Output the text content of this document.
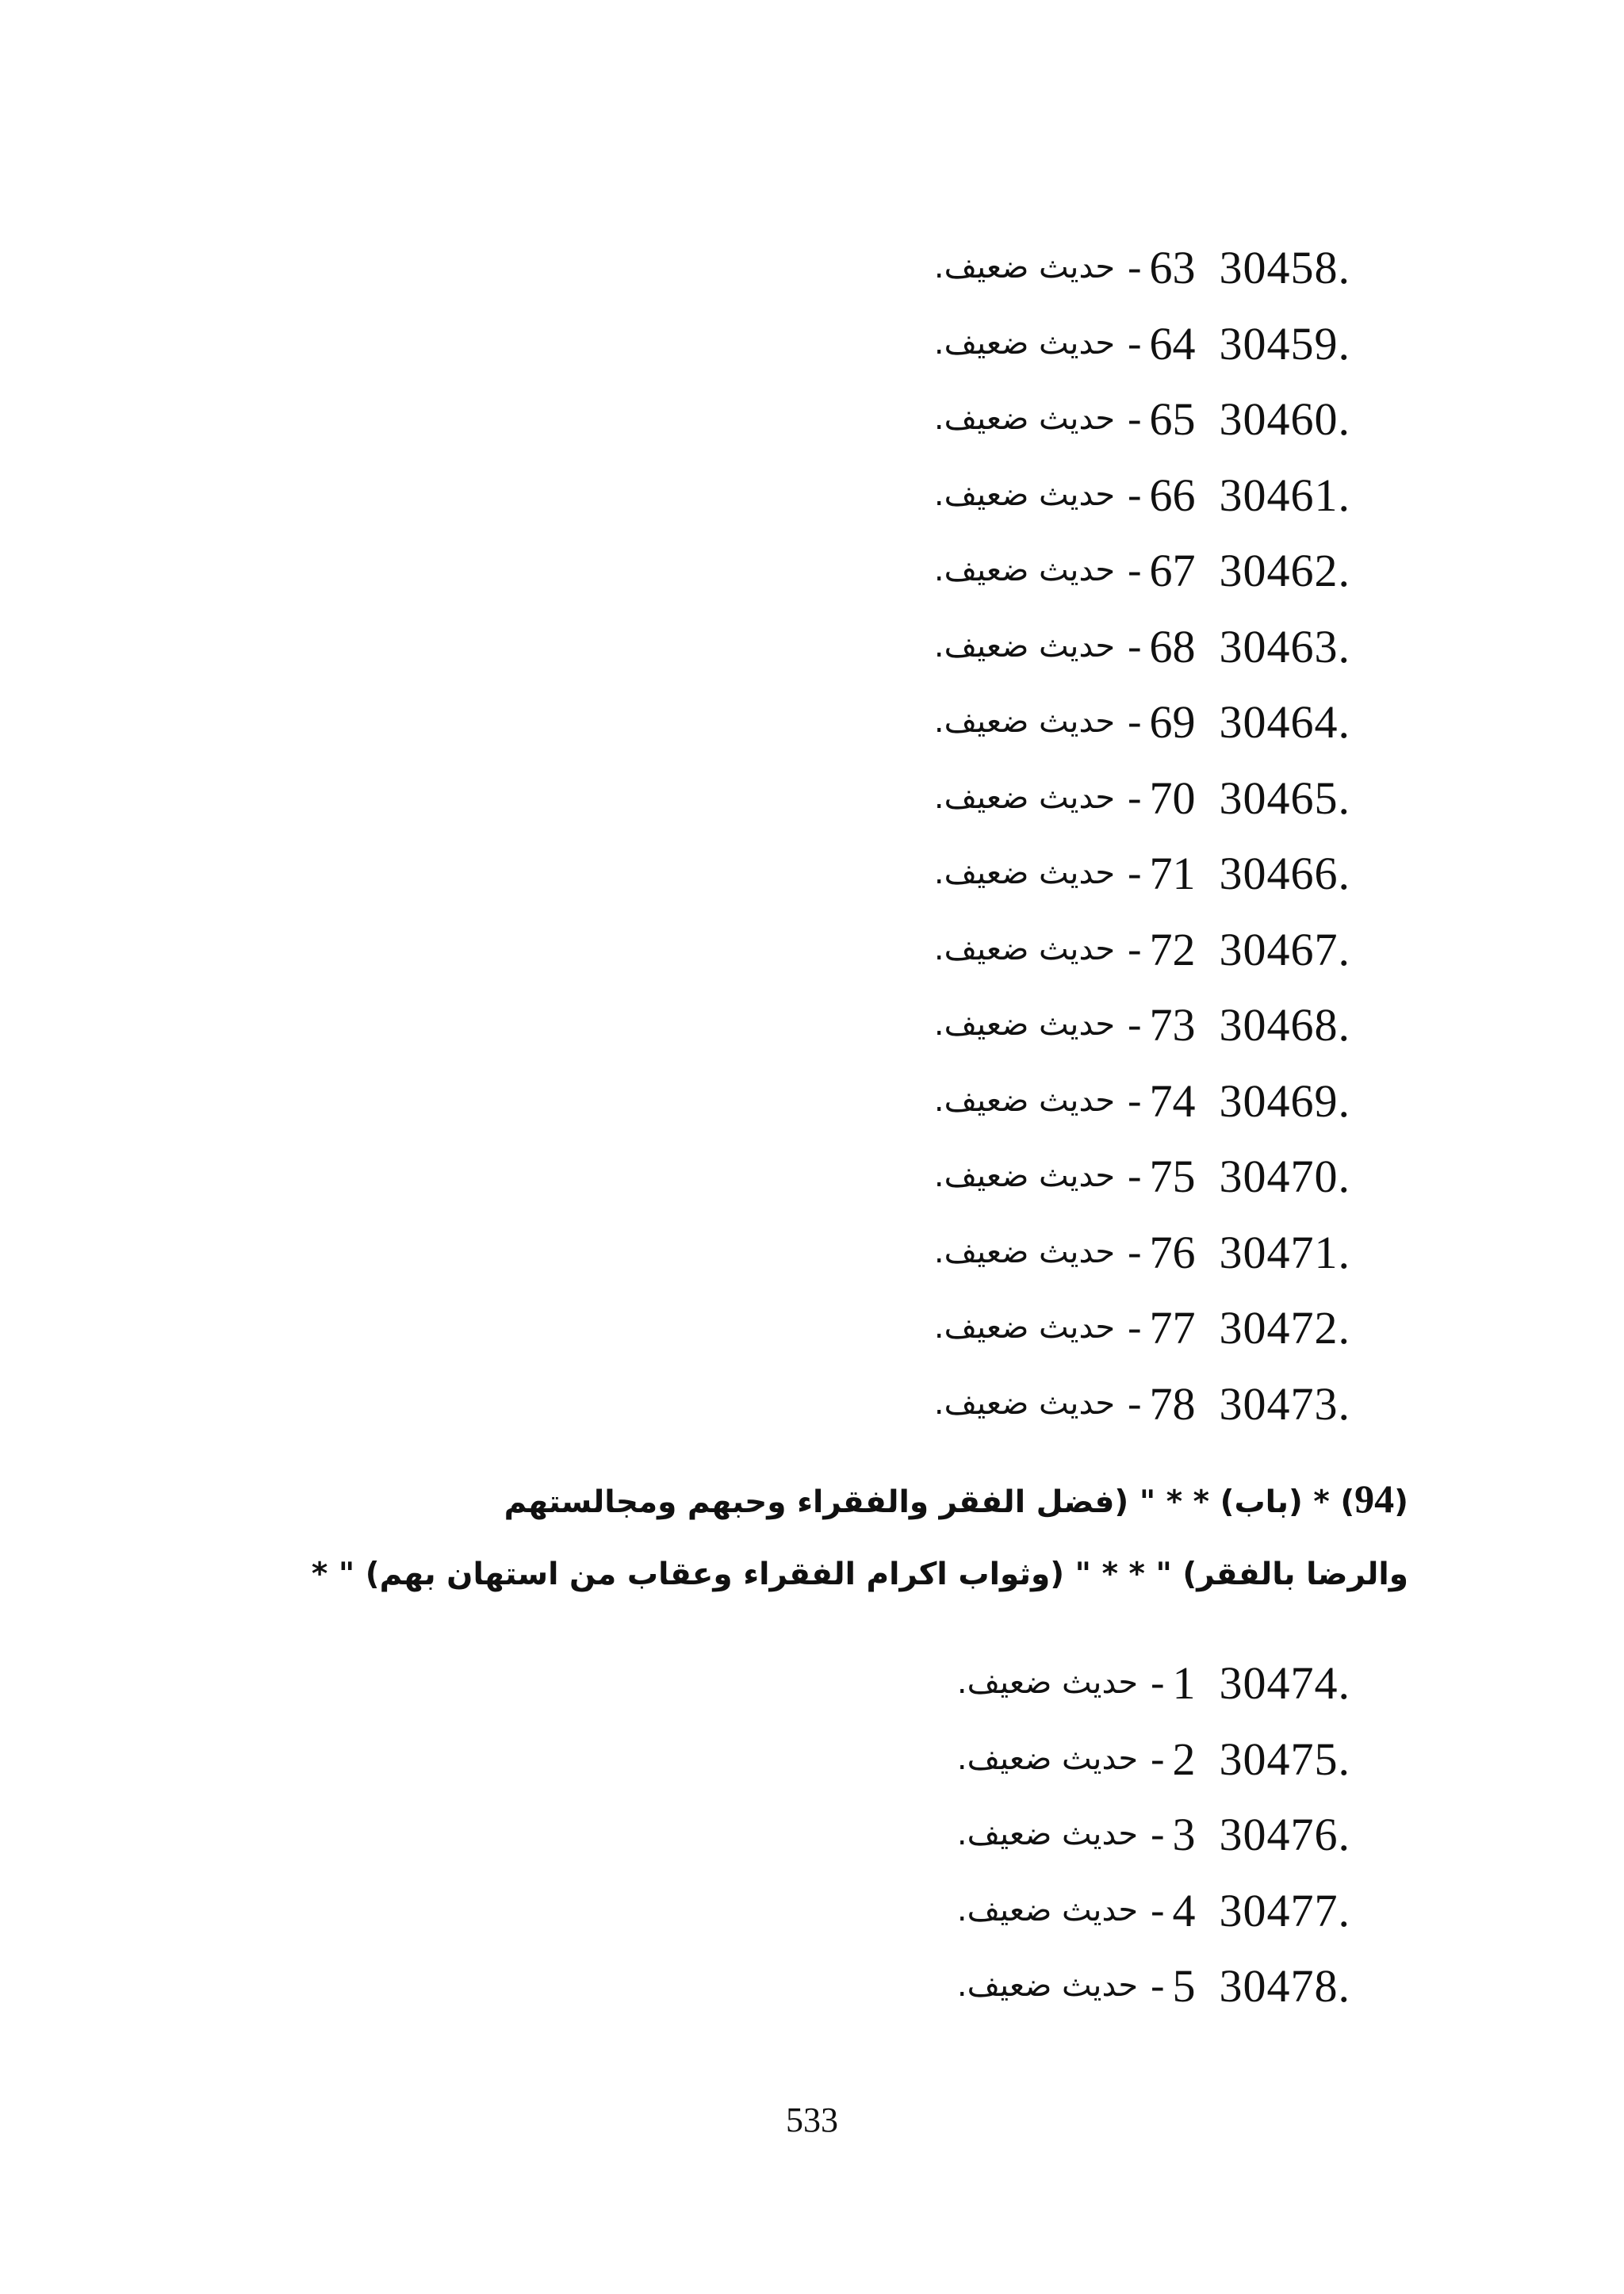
30458.
63
-
حديث ضعيف.
30459.
64
-
حديث ضعيف.
30460.
65
-
حديث ضعيف.
30461.
66
-
حديث ضعيف.
30462.
67
-
حديث ضعيف.
30463.
68
-
حديث ضعيف.
30464.
69
-
حديث ضعيف.
30465.
70
-
حديث ضعيف.
30466.
71
-
حديث ضعيف.
30467.
72
-
حديث ضعيف.
30468.
73
-
حديث ضعيف.
30469.
74
-
حديث ضعيف.
30470.
75
-
حديث ضعيف.
30471.
76
-
حديث ضعيف.
30472.
77
-
حديث ضعيف.
30473.
78
-
حديث ضعيف.
(94) * (باب) * * " (فضل الفقر والفقراء وحبهم ومجالستهم
والرضا بالفقر) " * * " (وثواب اكرام الفقراء وعقاب من استهان بهم) " *
30474.
1
-
حديث ضعيف.
30475.
2
-
حديث ضعيف.
30476.
3
-
حديث ضعيف.
30477.
4
-
حديث ضعيف.
30478.
5
-
حديث ضعيف.
533
